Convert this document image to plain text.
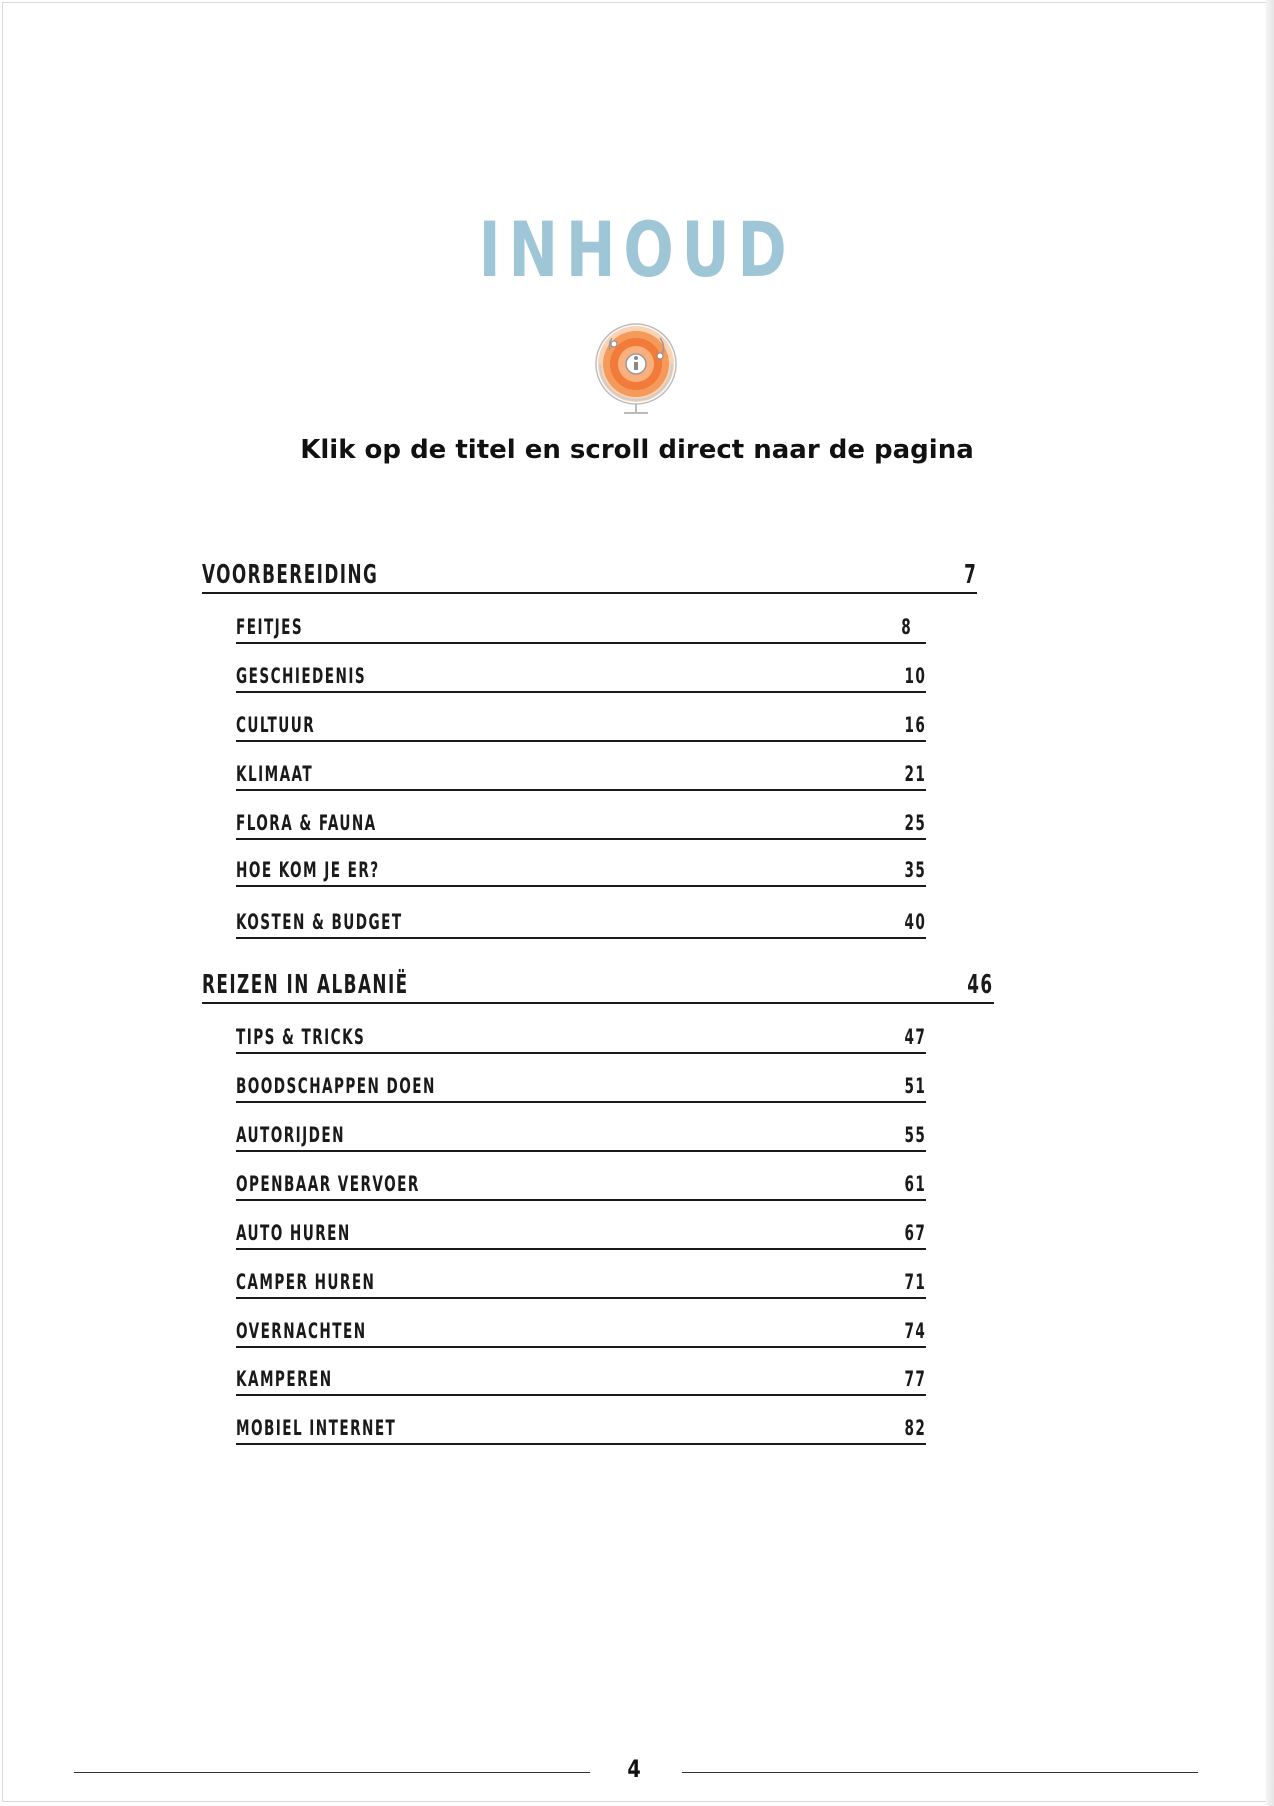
INHOUD
Klik op de titel en scroll direct naar de pagina
VOORBEREIDING	7
FEITJES	8
GESCHIEDENIS	10
CULTUUR	16
KLIMAAT	21
FLORA & FAUNA	25
HOE KOM JE ER?	35
KOSTEN & BUDGET	40
REIZEN IN ALBANIË	46
TIPS & TRICKS	47
BOODSCHAPPEN DOEN	51
AUTORIJDEN	55
OPENBAAR VERVOER	61
AUTO HUREN	67
CAMPER HUREN	71
OVERNACHTEN	74
KAMPEREN	77
MOBIEL INTERNET	82
4
